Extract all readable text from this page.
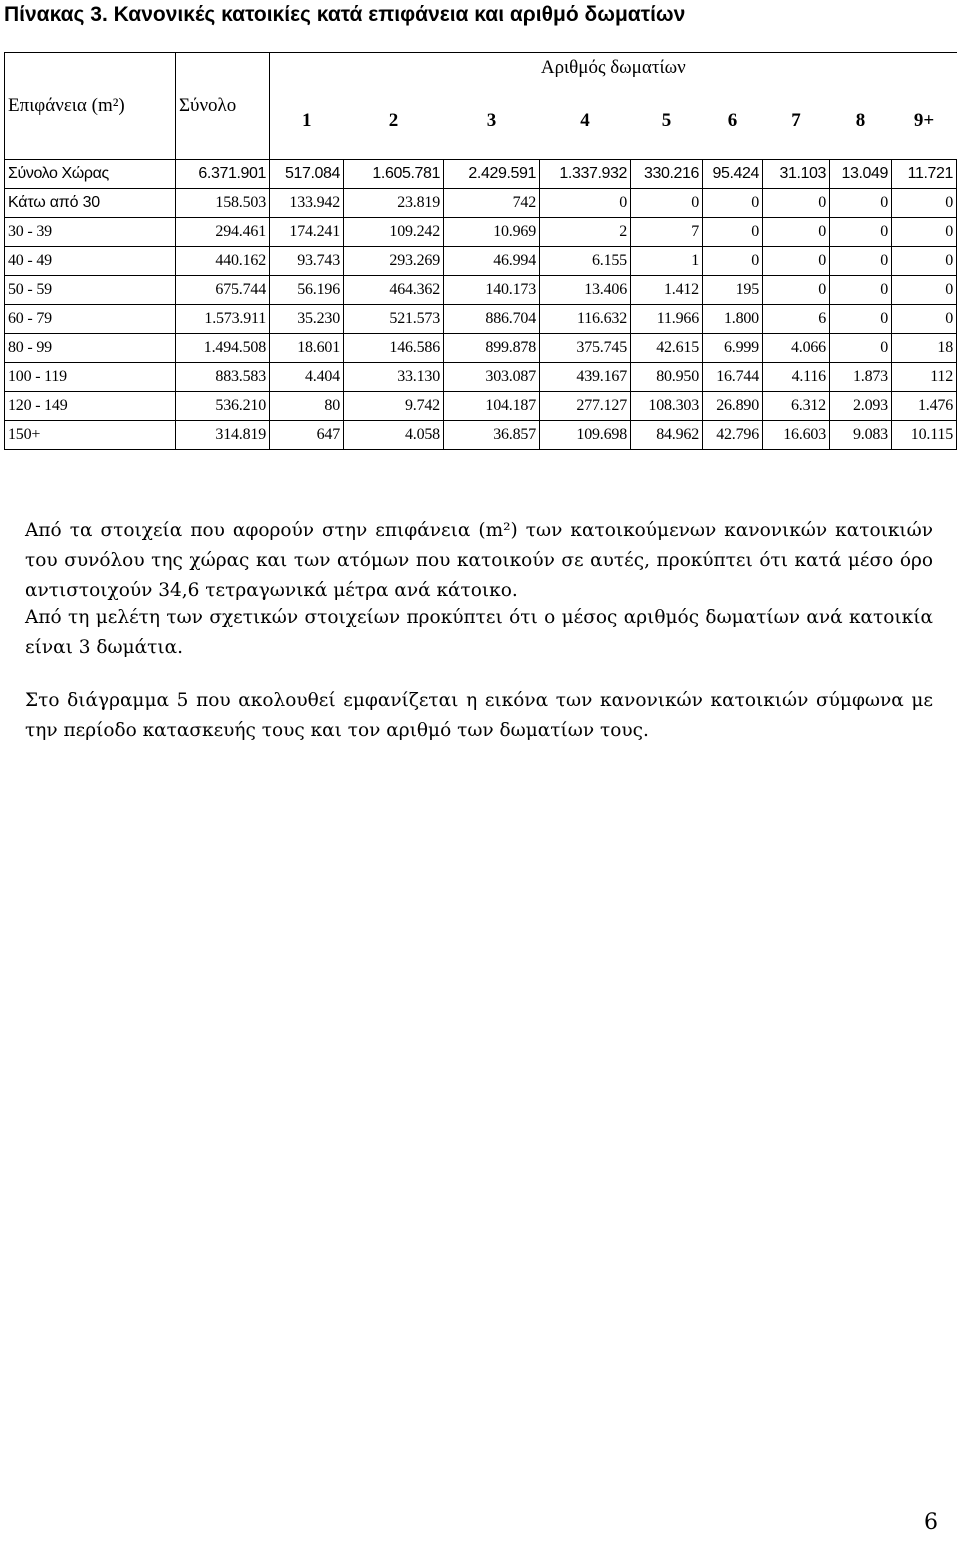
Πίνακας 3. Κανονικές κατοικίες κατά επιφάνεια και αριθμό δωματίων
Επιφάνεια (m²)	Σύνολο	Αριθμός δωματίων								
		1	2	3	4	5	6	7	8	9+
Σύνολο Χώρας	6.371.901	517.084	1.605.781	2.429.591	1.337.932	330.216	95.424	31.103	13.049	11.721
Κάτω από 30	158.503	133.942	23.819	742	0	0	0	0	0	0
30 - 39	294.461	174.241	109.242	10.969	2	7	0	0	0	0
40 - 49	440.162	93.743	293.269	46.994	6.155	1	0	0	0	0
50 - 59	675.744	56.196	464.362	140.173	13.406	1.412	195	0	0	0
60 - 79	1.573.911	35.230	521.573	886.704	116.632	11.966	1.800	6	0	0
80 - 99	1.494.508	18.601	146.586	899.878	375.745	42.615	6.999	4.066	0	18
100 - 119	883.583	4.404	33.130	303.087	439.167	80.950	16.744	4.116	1.873	112
120 - 149	536.210	80	9.742	104.187	277.127	108.303	26.890	6.312	2.093	1.476
150+	314.819	647	4.058	36.857	109.698	84.962	42.796	16.603	9.083	10.115
Από τα στοιχεία που αφορούν στην επιφάνεια (m²) των κατοικούμενων κανονικών κατοικιών του συνόλου της χώρας και των ατόμων που κατοικούν σε αυτές, προκύπτει ότι κατά μέσο όρο αντιστοιχούν 34,6 τετραγωνικά μέτρα ανά κάτοικο.
Από τη μελέτη των σχετικών στοιχείων προκύπτει ότι ο μέσος αριθμός δωματίων ανά κατοικία είναι 3 δωμάτια.
Στο διάγραμμα 5 που ακολουθεί εμφανίζεται η εικόνα των κανονικών κατοικιών σύμφωνα με την περίοδο κατασκευής τους και τον αριθμό των δωματίων τους.
6
